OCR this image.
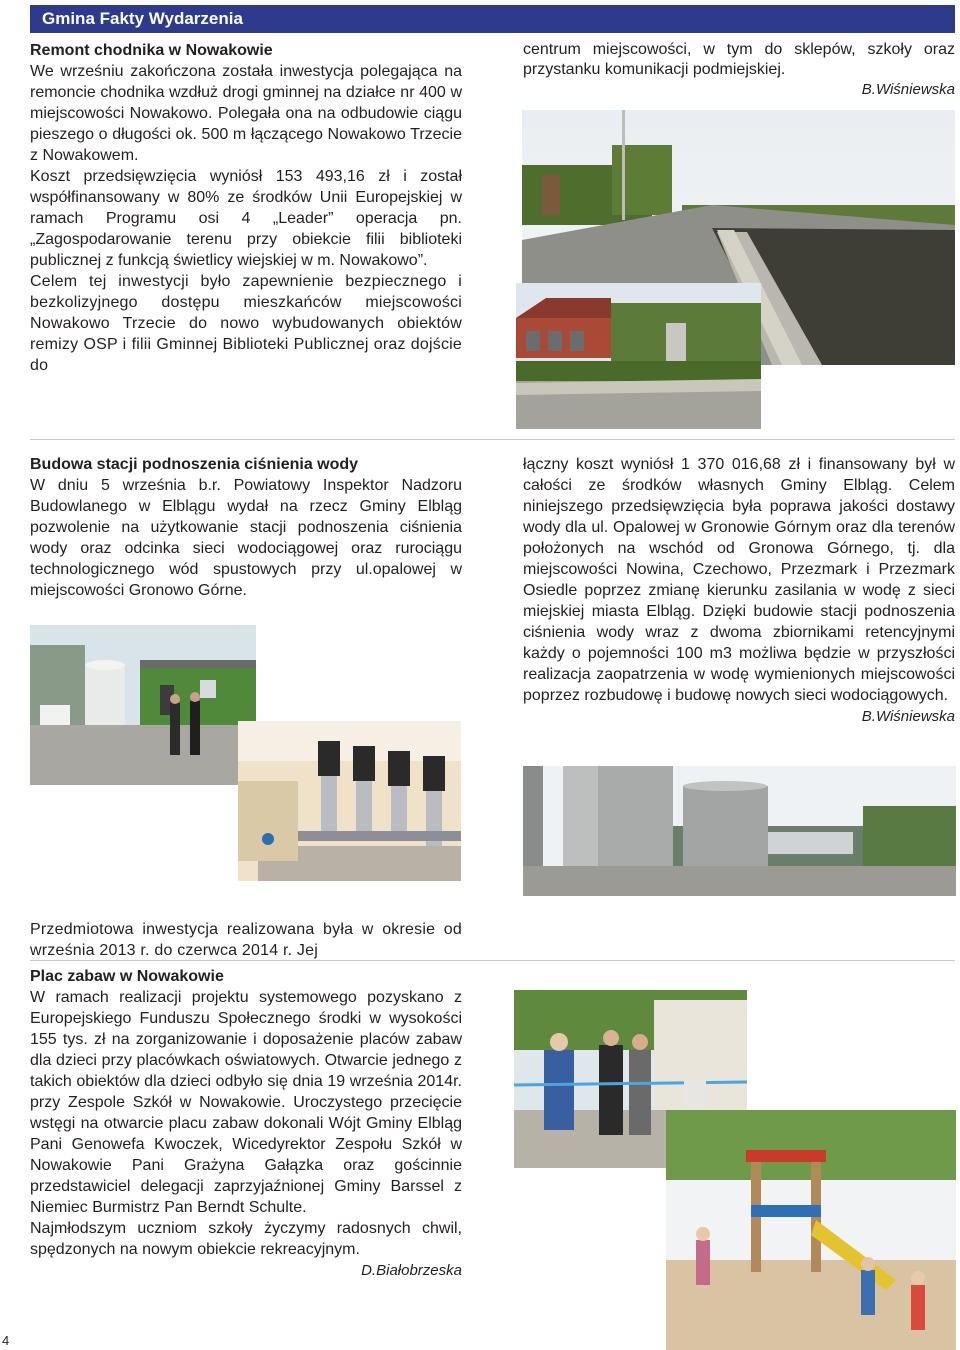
Gmina Fakty Wydarzenia
Remont chodnika w Nowakowie

We wrześniu zakończona została inwestycja polegająca na remoncie chodnika wzdłuż drogi gminnej na działce nr 400 w miejscowości Nowakowo. Polegała ona na odbudowie ciągu pieszego o długości ok. 500 m łączącego Nowakowo Trzecie z Nowakowem.

Koszt przedsięwzięcia wyniósł 153 493,16 zł i został współfinansowany w 80% ze środków Unii Europejskiej w ramach Programu osi 4 „Leader” operacja pn. „Zagospodarowanie terenu przy obiekcie filii biblioteki publicznej z funkcją świetlicy wiejskiej w m. Nowakowo”.

Celem tej inwestycji było zapewnienie bezpiecznego i bezkolizyjnego dostępu mieszkańców miejscowości Nowakowo Trzecie do nowo wybudowanych obiektów remizy OSP i filii Gminnej Biblioteki Publicznej oraz dojście do

centrum miejscowości, w tym do sklepów, szkoły oraz przystanku komunikacji podmiejskiej.

B.Wiśniewska

Budowa stacji podnoszenia ciśnienia wody

W dniu 5 września b.r. Powiatowy Inspektor Nadzoru Budowlanego w Elblągu wydał na rzecz Gminy Elbląg pozwolenie na użytkowanie stacji podnoszenia ciśnienia wody oraz odcinka sieci wodociągowej oraz rurociągu technologicznego wód spustowych przy ul.opalowej w miejscowości Gronowo Górne.

łączny koszt wyniósł 1 370 016,68 zł i finansowany był w całości ze środków własnych Gminy Elbląg. Celem niniejszego przedsięwzięcia była poprawa jakości dostawy wody dla ul. Opalowej w Gronowie Górnym oraz dla terenów położonych na wschód od Gronowa Górnego, tj. dla miejscowości Nowina, Czechowo, Przezmark i Przezmark Osiedle poprzez zmianę kierunku zasilania w wodę z sieci miejskiej miasta Elbląg. Dzięki budowie stacji podnoszenia ciśnienia wody wraz z dwoma zbiornikami retencyjnymi każdy o pojemności 100 m3 możliwa będzie w przyszłości realizacja zaopatrzenia w wodę wymienionych miejscowości poprzez rozbudowę i budowę nowych sieci wodociągowych.

B.Wiśniewska

Przedmiotowa inwestycja realizowana była w okresie od września 2013 r. do czerwca 2014 r. Jej

Plac zabaw w Nowakowie

W ramach realizacji projektu systemowego pozyskano z Europejskiego Funduszu Społecznego środki w wysokości 155 tys. zł na zorganizowanie i doposażenie placów zabaw dla dzieci przy placówkach oświatowych. Otwarcie jednego z takich obiektów dla dzieci odbyło się dnia 19 września 2014r. przy Zespole Szkół w Nowakowie. Uroczystego przecięcie wstęgi na otwarcie placu zabaw dokonali Wójt Gminy Elbląg Pani Genowefa Kwoczek, Wicedyrektor Zespołu Szkół w Nowakowie Pani Grażyna Gałązka oraz gościnnie przedstawiciel delegacji zaprzyjaźnionej Gminy Barssel z Niemiec Burmistrz Pan Berndt Schulte.

Najmłodszym uczniom szkoły życzymy radosnych chwil, spędzonych na nowym obiekcie rekreacyjnym.

D.Białobrzeska

4
